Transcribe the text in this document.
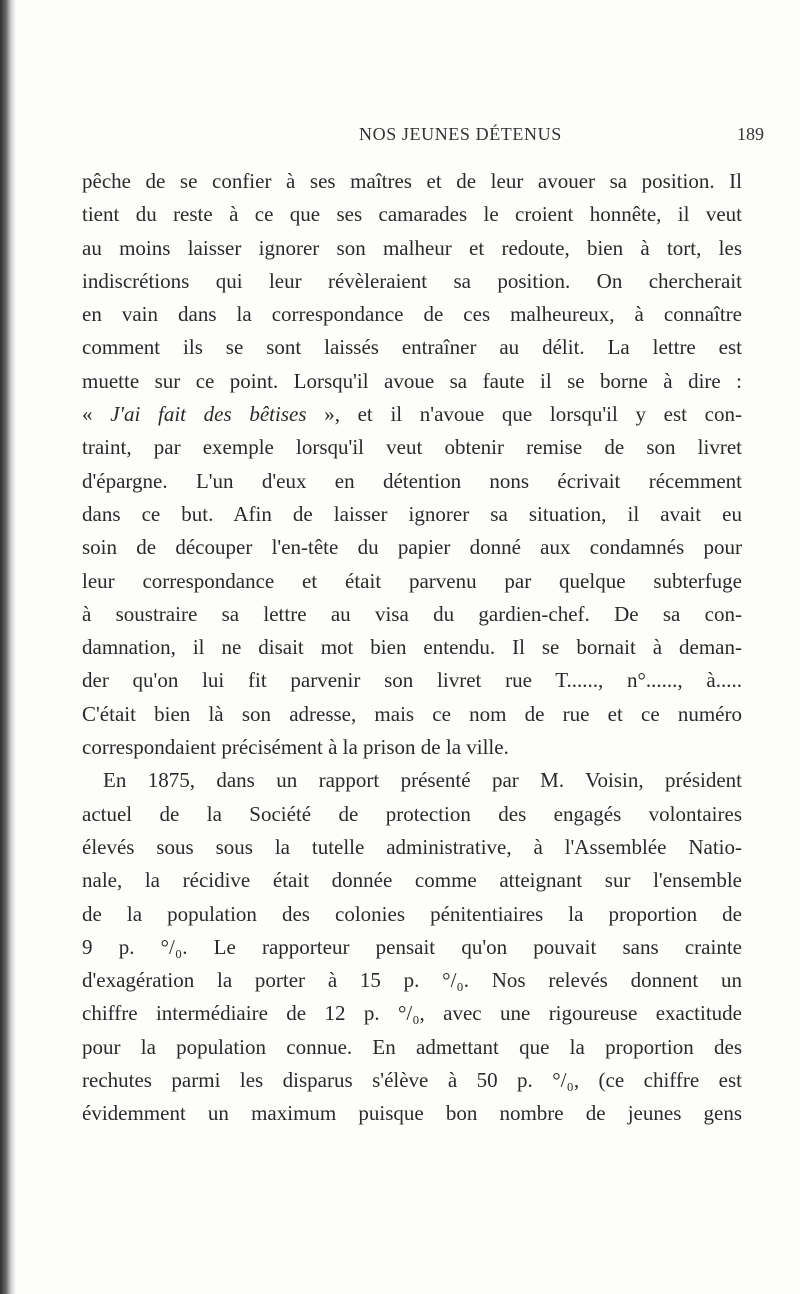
NOS JEUNES DÉTENUS	189
pêche de se confier à ses maîtres et de leur avouer sa position. Il
tient du reste à ce que ses camarades le croient honnête, il veut
au moins laisser ignorer son malheur et redoute, bien à tort, les
indiscrétions qui leur révèleraient sa position. On chercherait
en vain dans la correspondance de ces malheureux, à connaître
comment ils se sont laissés entraîner au délit. La lettre est
muette sur ce point. Lorsqu'il avoue sa faute il se borne à dire :
« J'ai fait des bêtises », et il n'avoue que lorsqu'il y est con-
traint, par exemple lorsqu'il veut obtenir remise de son livret
d'épargne. L'un d'eux en détention nons écrivait récemment
dans ce but. Afin de laisser ignorer sa situation, il avait eu
soin de découper l'en-tête du papier donné aux condamnés pour
leur correspondance et était parvenu par quelque subterfuge
à soustraire sa lettre au visa du gardien-chef. De sa con-
damnation, il ne disait mot bien entendu. Il se bornait à deman-
der qu'on lui fit parvenir son livret rue T......, n°......, à.....
C'était bien là son adresse, mais ce nom de rue et ce numéro
correspondaient précisément à la prison de la ville.
En 1875, dans un rapport présenté par M. Voisin, président
actuel de la Société de protection des engagés volontaires
élevés sous sous la tutelle administrative, à l'Assemblée Natio-
nale, la récidive était donnée comme atteignant sur l'ensemble
de la population des colonies pénitentiaires la proportion de
9 p. °/₀. Le rapporteur pensait qu'on pouvait sans crainte
d'exagération la porter à 15 p. °/₀. Nos relevés donnent un
chiffre intermédiaire de 12 p. °/₀, avec une rigoureuse exactitude
pour la population connue. En admettant que la proportion des
rechutes parmi les disparus s'élève à 50 p. °/₀, (ce chiffre est
évidemment un maximum puisque bon nombre de jeunes gens
